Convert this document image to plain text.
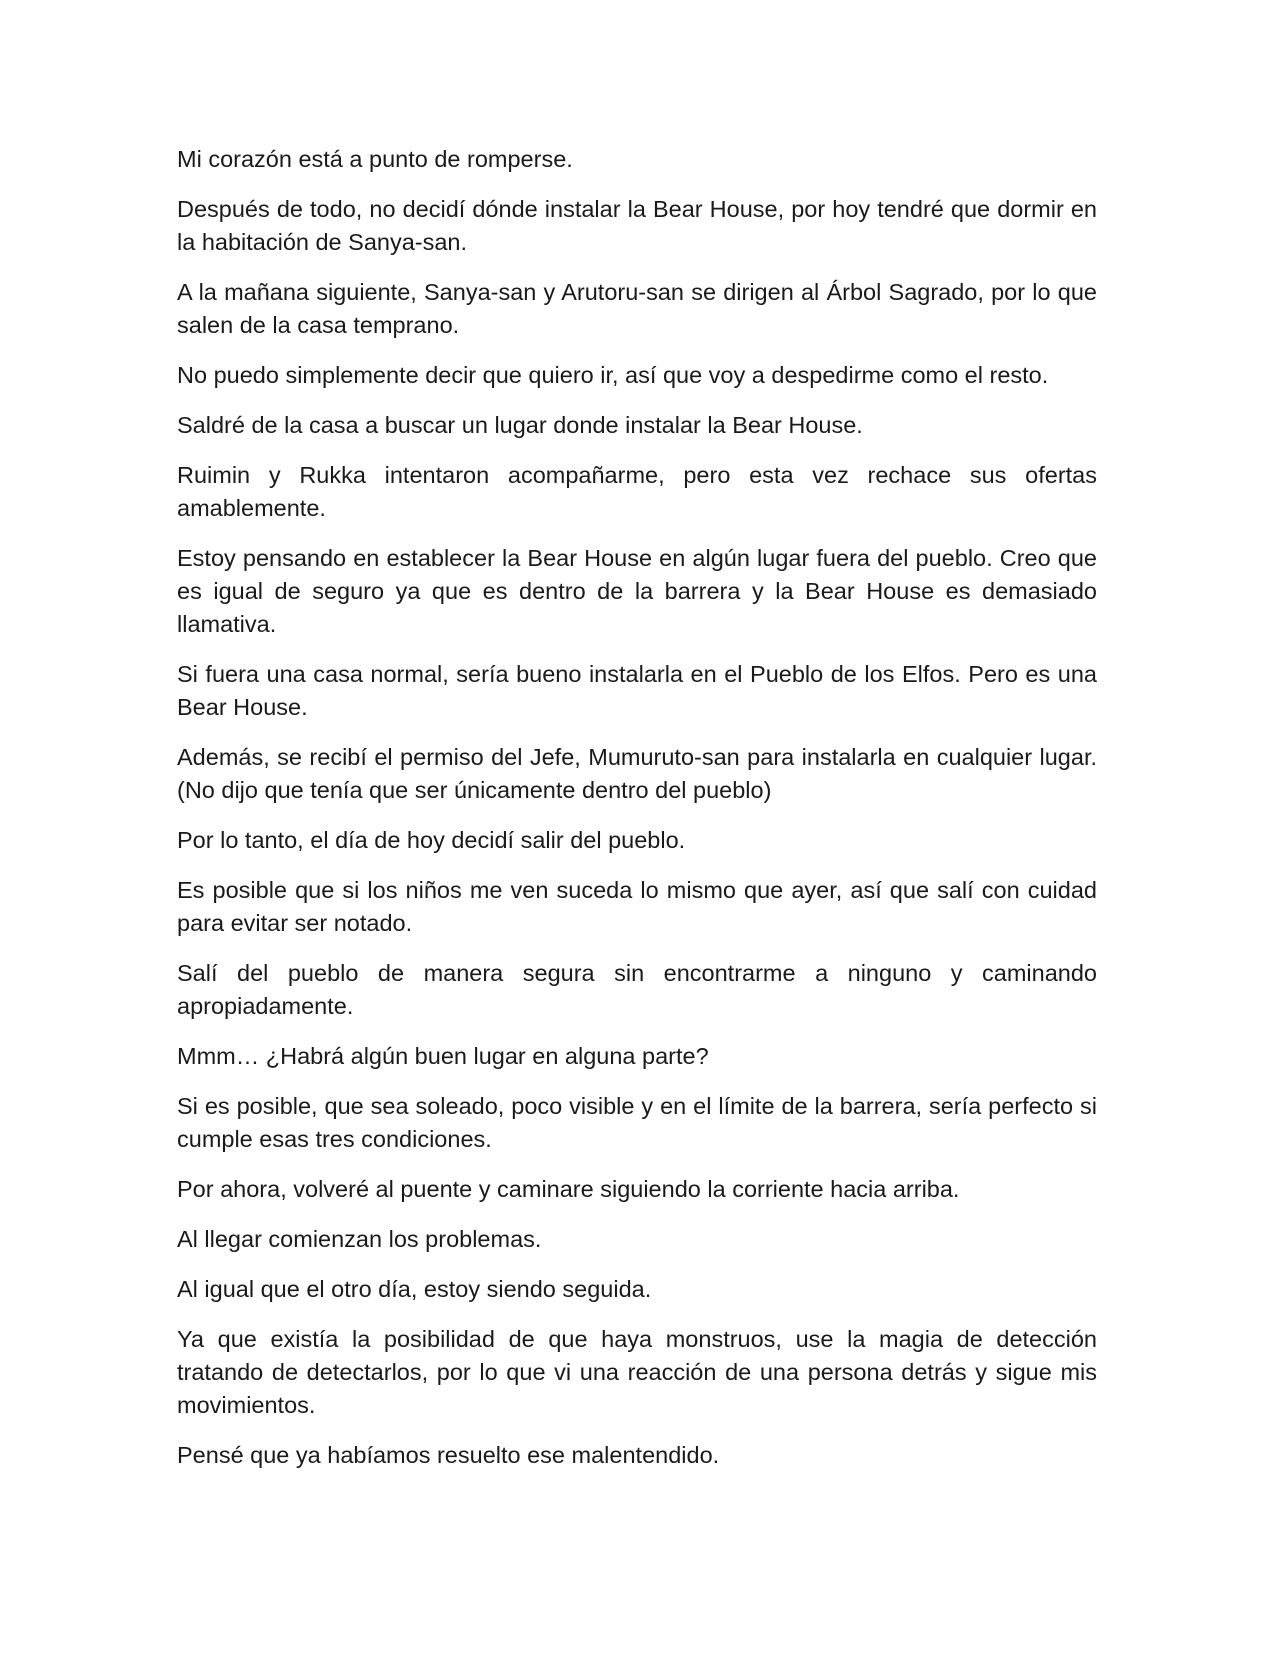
Mi corazón está a punto de romperse.

Después de todo, no decidí dónde instalar la Bear House, por hoy tendré que dormir en la habitación de Sanya-san.

A la mañana siguiente, Sanya-san y Arutoru-san se dirigen al Árbol Sagrado, por lo que salen de la casa temprano.

No puedo simplemente decir que quiero ir, así que voy a despedirme como el resto.

Saldré de la casa a buscar un lugar donde instalar la Bear House.

Ruimin y Rukka intentaron acompañarme, pero esta vez rechace sus ofertas amablemente.

Estoy pensando en establecer la Bear House en algún lugar fuera del pueblo. Creo que es igual de seguro ya que es dentro de la barrera y la Bear House es demasiado llamativa.

Si fuera una casa normal, sería bueno instalarla en el Pueblo de los Elfos. Pero es una Bear House.

Además, se recibí el permiso del Jefe, Mumuruto-san para instalarla en cualquier lugar. (No dijo que tenía que ser únicamente dentro del pueblo)

Por lo tanto, el día de hoy decidí salir del pueblo.

Es posible que si los niños me ven suceda lo mismo que ayer, así que salí con cuidad para evitar ser notado.

Salí del pueblo de manera segura sin encontrarme a ninguno y caminando apropiadamente.

Mmm… ¿Habrá algún buen lugar en alguna parte?

Si es posible, que sea soleado, poco visible y en el límite de la barrera, sería perfecto si cumple esas tres condiciones.

Por ahora, volveré al puente y caminare siguiendo la corriente hacia arriba.

Al llegar comienzan los problemas.

Al igual que el otro día, estoy siendo seguida.

Ya que existía la posibilidad de que haya monstruos, use la magia de detección tratando de detectarlos, por lo que vi una reacción de una persona detrás y sigue mis movimientos.

Pensé que ya habíamos resuelto ese malentendido.
